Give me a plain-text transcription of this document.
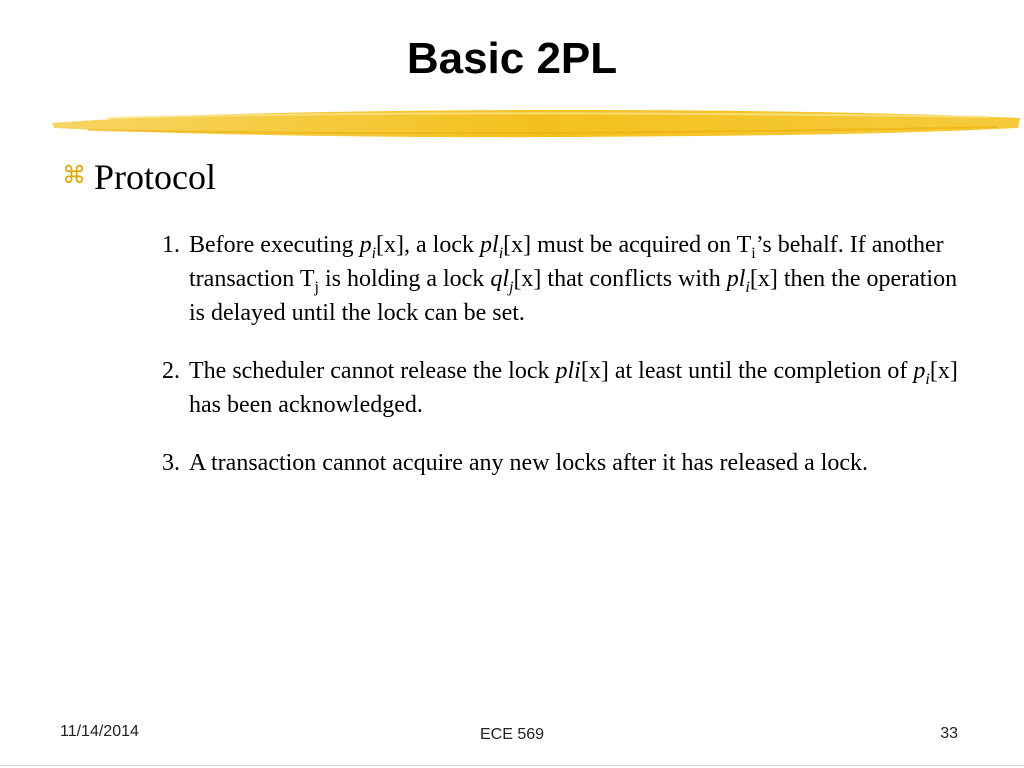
Basic 2PL
⌘ Protocol
1. Before executing $p_i[x]$, a lock $pl_i[x]$ must be acquired on $T_i’s$ behalf. If another transaction $T_j$ is holding a lock $ql_j[x]$ that conflicts with $pl_i[x]$ then the operation is delayed until the lock can be set.
2. The scheduler cannot release the lock pli[x] at least until the completion of $p_i[x]$ has been acknowledged.
3. A transaction cannot acquire any new locks after it has released a lock.
11/14/2014	ECE 569	33
